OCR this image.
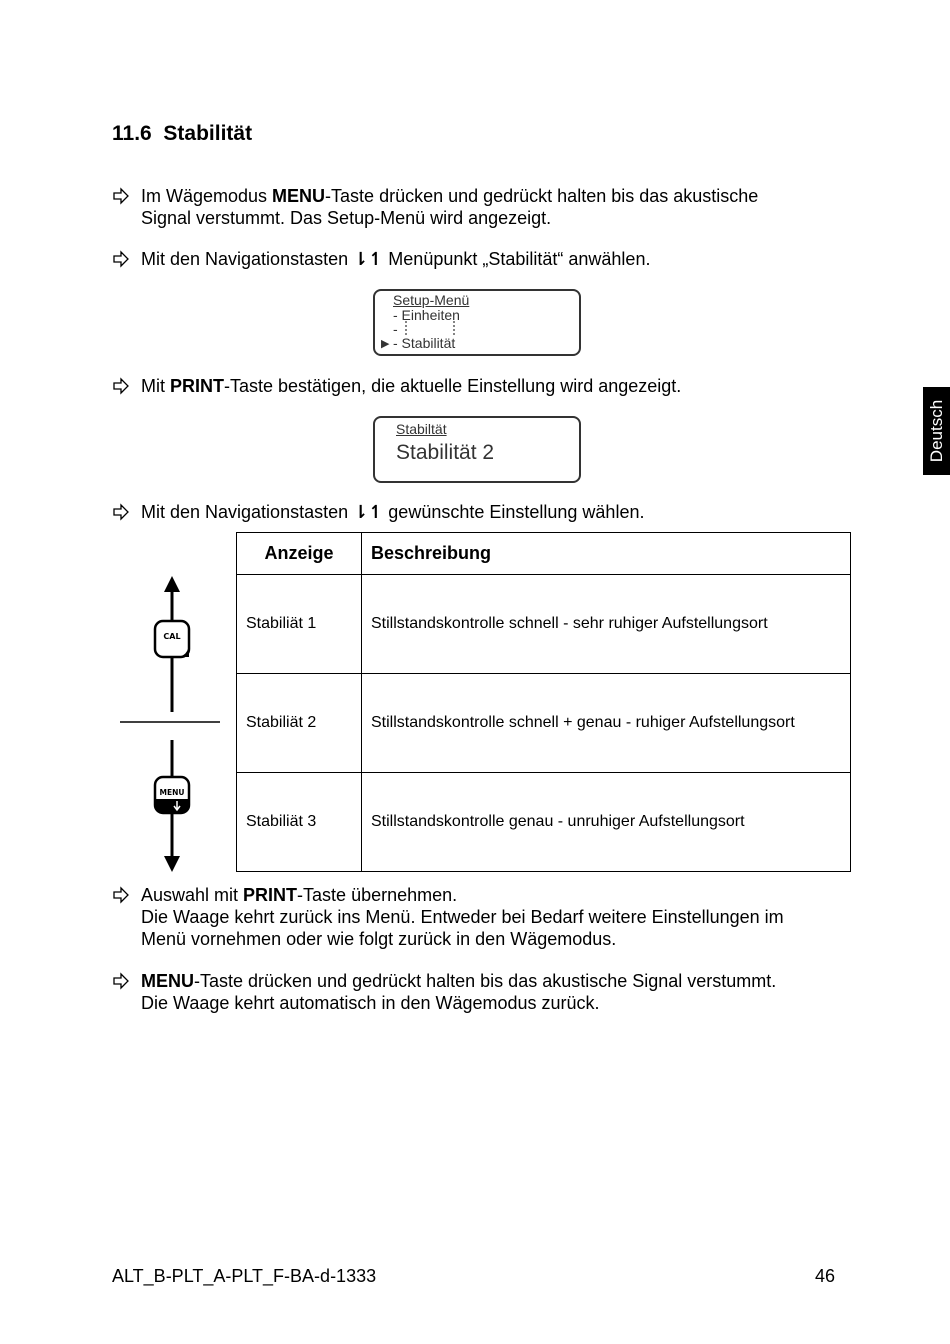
11.6 Stabilität
Im Wägemodus MENU-Taste drücken und gedrückt halten bis das akustische
Signal verstummt. Das Setup-Menü wird angezeigt.
Mit den Navigationstasten ⇂↿ Menüpunkt „Stabilität“ anwählen.
Setup-Menü
- Einheiten
-
▶ - Stabilität
Mit PRINT-Taste bestätigen, die aktuelle Einstellung wird angezeigt.
Stabiltät
Stabilität 2
Mit den Navigationstasten ⇂↿ gewünschte Einstellung wählen.
Deutsch
CAL
MENU
Anzeige	Beschreibung
Stabiliät 1	Stillstandskontrolle schnell - sehr ruhiger Aufstellungsort
Stabiliät 2	Stillstandskontrolle schnell + genau - ruhiger Aufstellungsort
Stabiliät 3	Stillstandskontrolle genau - unruhiger Aufstellungsort
Auswahl mit PRINT-Taste übernehmen.
Die Waage kehrt zurück ins Menü. Entweder bei Bedarf weitere Einstellungen im
Menü vornehmen oder wie folgt zurück in den Wägemodus.
MENU-Taste drücken und gedrückt halten bis das akustische Signal verstummt.
Die Waage kehrt automatisch in den Wägemodus zurück.
ALT_B-PLT_A-PLT_F-BA-d-1333	46
